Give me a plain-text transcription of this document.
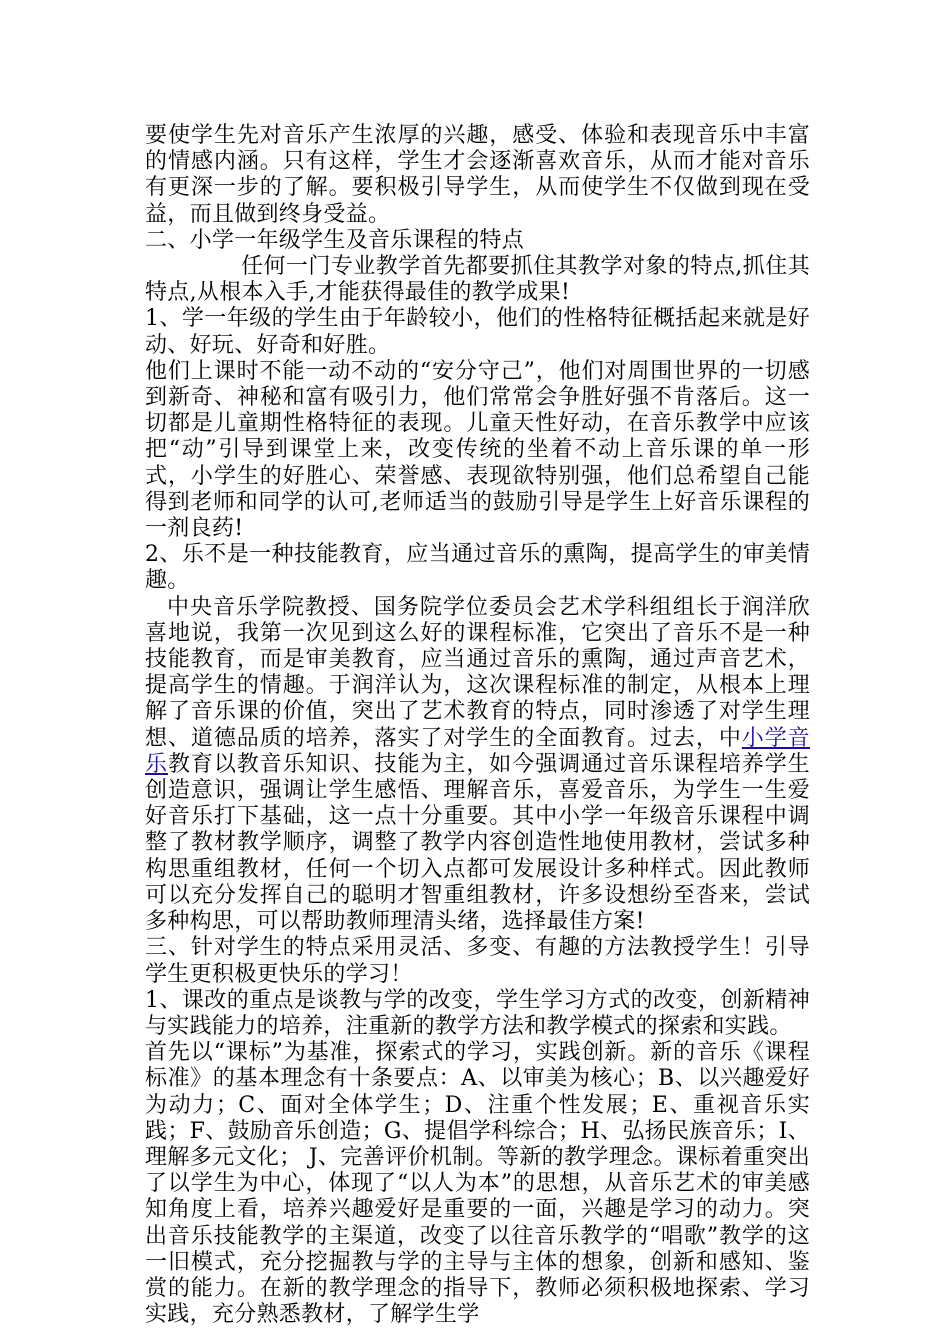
要使学生先对音乐产生浓厚的兴趣，感受、体验和表现音乐中丰富的情感内涵。只有这样，学生才会逐渐喜欢音乐，从而才能对音乐有更深一步的了解。要积极引导学生，从而使学生不仅做到现在受益，而且做到终身受益。

二、小学一年级学生及音乐课程的特点

任何一门专业教学首先都要抓住其教学对象的特点,抓住其特点,从根本入手,才能获得最佳的教学成果!

1、学一年级的学生由于年龄较小，他们的性格特征概括起来就是好动、好玩、好奇和好胜。

他们上课时不能一动不动的“安分守己”，他们对周围世界的一切感到新奇、神秘和富有吸引力，他们常常会争胜好强不肯落后。这一切都是儿童期性格特征的表现。儿童天性好动，在音乐教学中应该把“动”引导到课堂上来，改变传统的坐着不动上音乐课的单一形式，小学生的好胜心、荣誉感、表现欲特别强，他们总希望自己能得到老师和同学的认可,老师适当的鼓励引导是学生上好音乐课程的一剂良药!

2、乐不是一种技能教育，应当通过音乐的熏陶，提高学生的审美情趣。

中央音乐学院教授、国务院学位委员会艺术学科组组长于润洋欣喜地说，我第一次见到这么好的课程标准，它突出了音乐不是一种技能教育，而是审美教育，应当通过音乐的熏陶，通过声音艺术，提高学生的情趣。于润洋认为，这次课程标准的制定，从根本上理解了音乐课的价值，突出了艺术教育的特点，同时渗透了对学生理想、道德品质的培养，落实了对学生的全面教育。过去，中小学音乐教育以教音乐知识、技能为主，如今强调通过音乐课程培养学生创造意识，强调让学生感悟、理解音乐，喜爱音乐，为学生一生爱好音乐打下基础，这一点十分重要。其中小学一年级音乐课程中调整了教材教学顺序，调整了教学内容创造性地使用教材，尝试多种构思重组教材，任何一个切入点都可发展设计多种样式。因此教师可以充分发挥自己的聪明才智重组教材，许多设想纷至沓来，尝试多种构思，可以帮助教师理清头绪，选择最佳方案!

三、针对学生的特点采用灵活、多变、有趣的方法教授学生！引导学生更积极更快乐的学习！

1、课改的重点是谈教与学的改变，学生学习方式的改变，创新精神与实践能力的培养，注重新的教学方法和教学模式的探索和实践。

首先以“课标”为基准，探索式的学习，实践创新。新的音乐《课程标准》的基本理念有十条要点：A、以审美为核心；B、以兴趣爱好为动力；C、面对全体学生；D、注重个性发展；E、重视音乐实践；F、鼓励音乐创造；G、提倡学科综合；H、弘扬民族音乐；I、理解多元文化； J、完善评价机制。等新的教学理念。课标着重突出了以学生为中心，体现了“以人为本”的思想，从音乐艺术的审美感知角度上看，培养兴趣爱好是重要的一面，兴趣是学习的动力。突出音乐技能教学的主渠道，改变了以往音乐教学的“唱歌”教学的这一旧模式，充分挖掘教与学的主导与主体的想象，创新和感知、鉴赏的能力。在新的教学理念的指导下，教师必须积极地探索、学习实践，充分熟悉教材，了解学生学
